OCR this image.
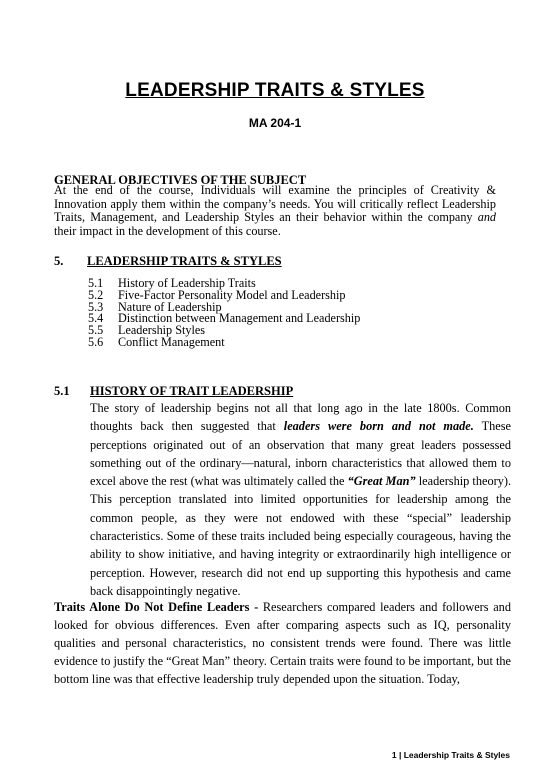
LEADERSHIP TRAITS & STYLES
MA 204-1
GENERAL OBJECTIVES OF THE SUBJECT
At the end of the course, Individuals will examine the principles of Creativity & Innovation apply them within the company’s needs. You will critically reflect Leadership Traits, Management, and Leadership Styles an their behavior within the company and their impact in the development of this course.
5. LEADERSHIP TRAITS & STYLES
5.1	History of Leadership Traits
5.2	Five-Factor Personality Model and Leadership
5.3	Nature of Leadership
5.4	Distinction between Management and Leadership
5.5	Leadership Styles
5.6	Conflict Management
5.1 HISTORY OF TRAIT LEADERSHIP
The story of leadership begins not all that long ago in the late 1800s. Common thoughts back then suggested that leaders were born and not made. These perceptions originated out of an observation that many great leaders possessed something out of the ordinary—natural, inborn characteristics that allowed them to excel above the rest (what was ultimately called the “Great Man” leadership theory). This perception translated into limited opportunities for leadership among the common people, as they were not endowed with these “special” leadership characteristics. Some of these traits included being especially courageous, having the ability to show initiative, and having integrity or extraordinarily high intelligence or perception. However, research did not end up supporting this hypothesis and came back disappointingly negative.
Traits Alone Do Not Define Leaders - Researchers compared leaders and followers and looked for obvious differences. Even after comparing aspects such as IQ, personality qualities and personal characteristics, no consistent trends were found. There was little evidence to justify the “Great Man” theory. Certain traits were found to be important, but the bottom line was that effective leadership truly depended upon the situation. Today,
1 | Leadership Traits & Styles
